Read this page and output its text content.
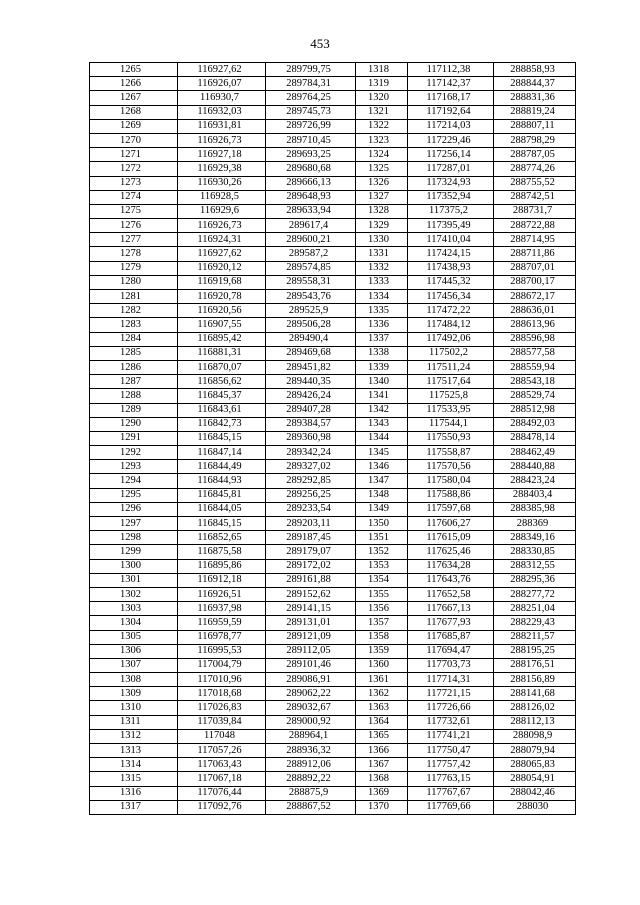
453
1265	116927,62	289799,75	1318	117112,38	288858,93
1266	116926,07	289784,31	1319	117142,37	288844,37
1267	116930,7	289764,25	1320	117168,17	288831,36
1268	116932,03	289745,73	1321	117192,64	288819,24
1269	116931,81	289726,99	1322	117214,03	288807,11
1270	116926,73	289710,45	1323	117229,46	288798,29
1271	116927,18	289693,25	1324	117256,14	288787,05
1272	116929,38	289680,68	1325	117287,01	288774,26
1273	116930,26	289666,13	1326	117324,93	288755,52
1274	116928,5	289648,93	1327	117352,94	288742,51
1275	116929,6	289633,94	1328	117375,2	288731,7
1276	116926,73	289617,4	1329	117395,49	288722,88
1277	116924,31	289600,21	1330	117410,04	288714,95
1278	116927,62	289587,2	1331	117424,15	288711,86
1279	116920,12	289574,85	1332	117438,93	288707,01
1280	116919,68	289558,31	1333	117445,32	288700,17
1281	116920,78	289543,76	1334	117456,34	288672,17
1282	116920,56	289525,9	1335	117472,22	288636,01
1283	116907,55	289506,28	1336	117484,12	288613,96
1284	116895,42	289490,4	1337	117492,06	288596,98
1285	116881,31	289469,68	1338	117502,2	288577,58
1286	116870,07	289451,82	1339	117511,24	288559,94
1287	116856,62	289440,35	1340	117517,64	288543,18
1288	116845,37	289426,24	1341	117525,8	288529,74
1289	116843,61	289407,28	1342	117533,95	288512,98
1290	116842,73	289384,57	1343	117544,1	288492,03
1291	116845,15	289360,98	1344	117550,93	288478,14
1292	116847,14	289342,24	1345	117558,87	288462,49
1293	116844,49	289327,02	1346	117570,56	288440,88
1294	116844,93	289292,85	1347	117580,04	288423,24
1295	116845,81	289256,25	1348	117588,86	288403,4
1296	116844,05	289233,54	1349	117597,68	288385,98
1297	116845,15	289203,11	1350	117606,27	288369
1298	116852,65	289187,45	1351	117615,09	288349,16
1299	116875,58	289179,07	1352	117625,46	288330,85
1300	116895,86	289172,02	1353	117634,28	288312,55
1301	116912,18	289161,88	1354	117643,76	288295,36
1302	116926,51	289152,62	1355	117652,58	288277,72
1303	116937,98	289141,15	1356	117667,13	288251,04
1304	116959,59	289131,01	1357	117677,93	288229,43
1305	116978,77	289121,09	1358	117685,87	288211,57
1306	116995,53	289112,05	1359	117694,47	288195,25
1307	117004,79	289101,46	1360	117703,73	288176,51
1308	117010,96	289086,91	1361	117714,31	288156,89
1309	117018,68	289062,22	1362	117721,15	288141,68
1310	117026,83	289032,67	1363	117726,66	288126,02
1311	117039,84	289000,92	1364	117732,61	288112,13
1312	117048	288964,1	1365	117741,21	288098,9
1313	117057,26	288936,32	1366	117750,47	288079,94
1314	117063,43	288912,06	1367	117757,42	288065,83
1315	117067,18	288892,22	1368	117763,15	288054,91
1316	117076,44	288875,9	1369	117767,67	288042,46
1317	117092,76	288867,52	1370	117769,66	288030
